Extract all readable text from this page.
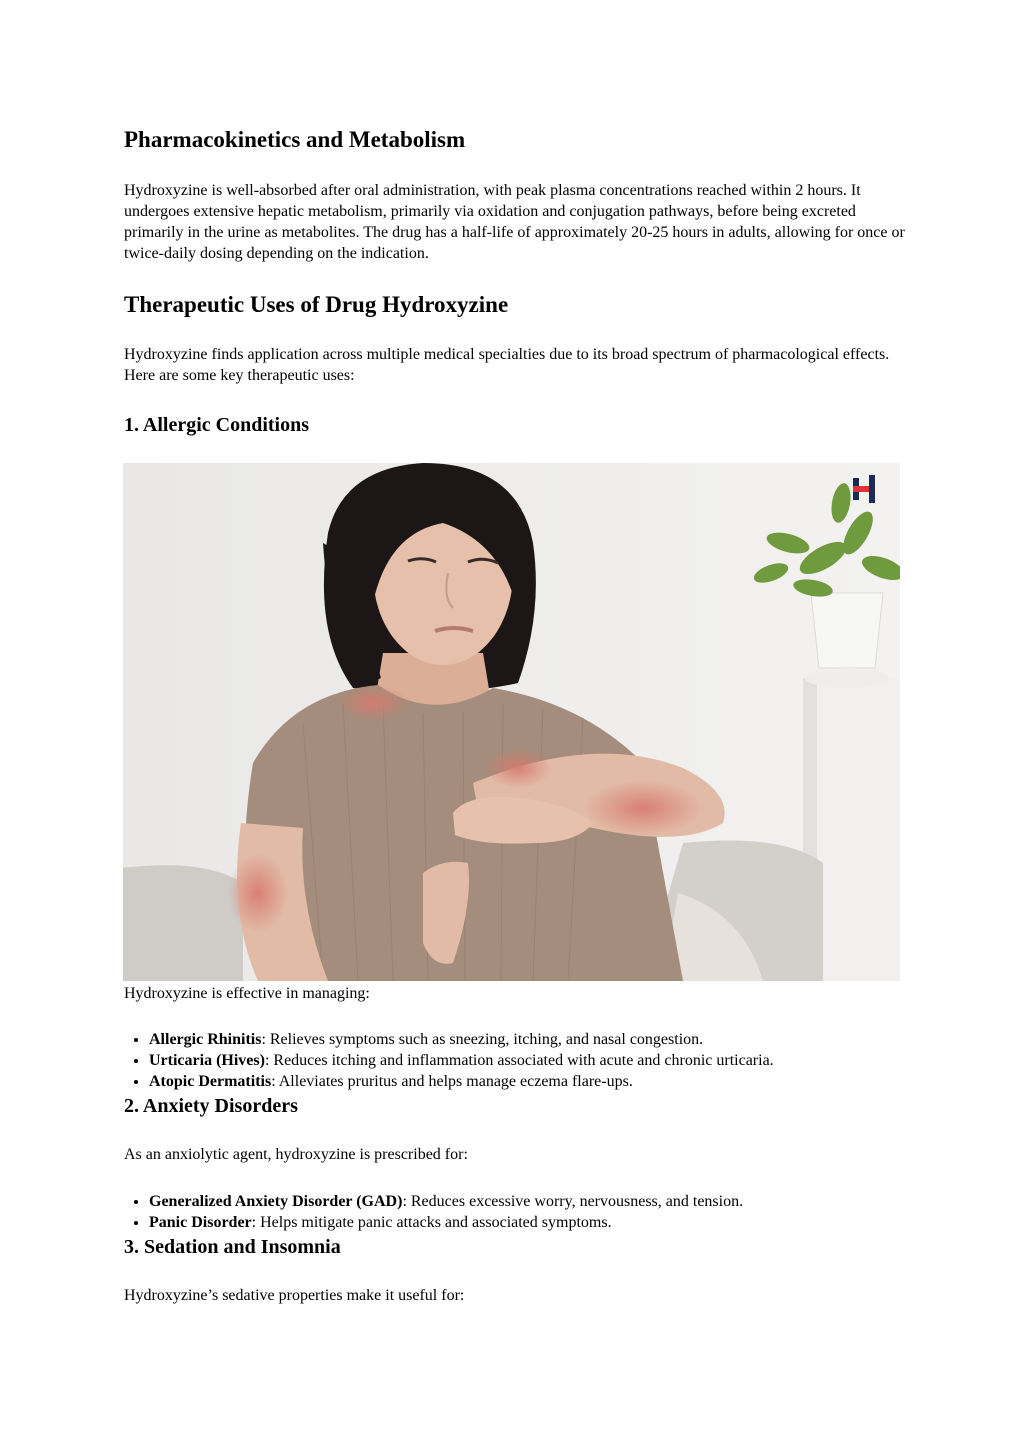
Pharmacokinetics and Metabolism

Hydroxyzine is well-absorbed after oral administration, with peak plasma concentrations reached within 2 hours. It undergoes extensive hepatic metabolism, primarily via oxidation and conjugation pathways, before being excreted primarily in the urine as metabolites. The drug has a half-life of approximately 20-25 hours in adults, allowing for once or twice-daily dosing depending on the indication.

Therapeutic Uses of Drug Hydroxyzine

Hydroxyzine finds application across multiple medical specialties due to its broad spectrum of pharmacological effects. Here are some key therapeutic uses:

1. Allergic Conditions

Hydroxyzine is effective in managing:

• Allergic Rhinitis: Relieves symptoms such as sneezing, itching, and nasal congestion.
• Urticaria (Hives): Reduces itching and inflammation associated with acute and chronic urticaria.
• Atopic Dermatitis: Alleviates pruritus and helps manage eczema flare-ups.
2. Anxiety Disorders

As an anxiolytic agent, hydroxyzine is prescribed for:

• Generalized Anxiety Disorder (GAD): Reduces excessive worry, nervousness, and tension.
• Panic Disorder: Helps mitigate panic attacks and associated symptoms.
3. Sedation and Insomnia

Hydroxyzine’s sedative properties make it useful for:
